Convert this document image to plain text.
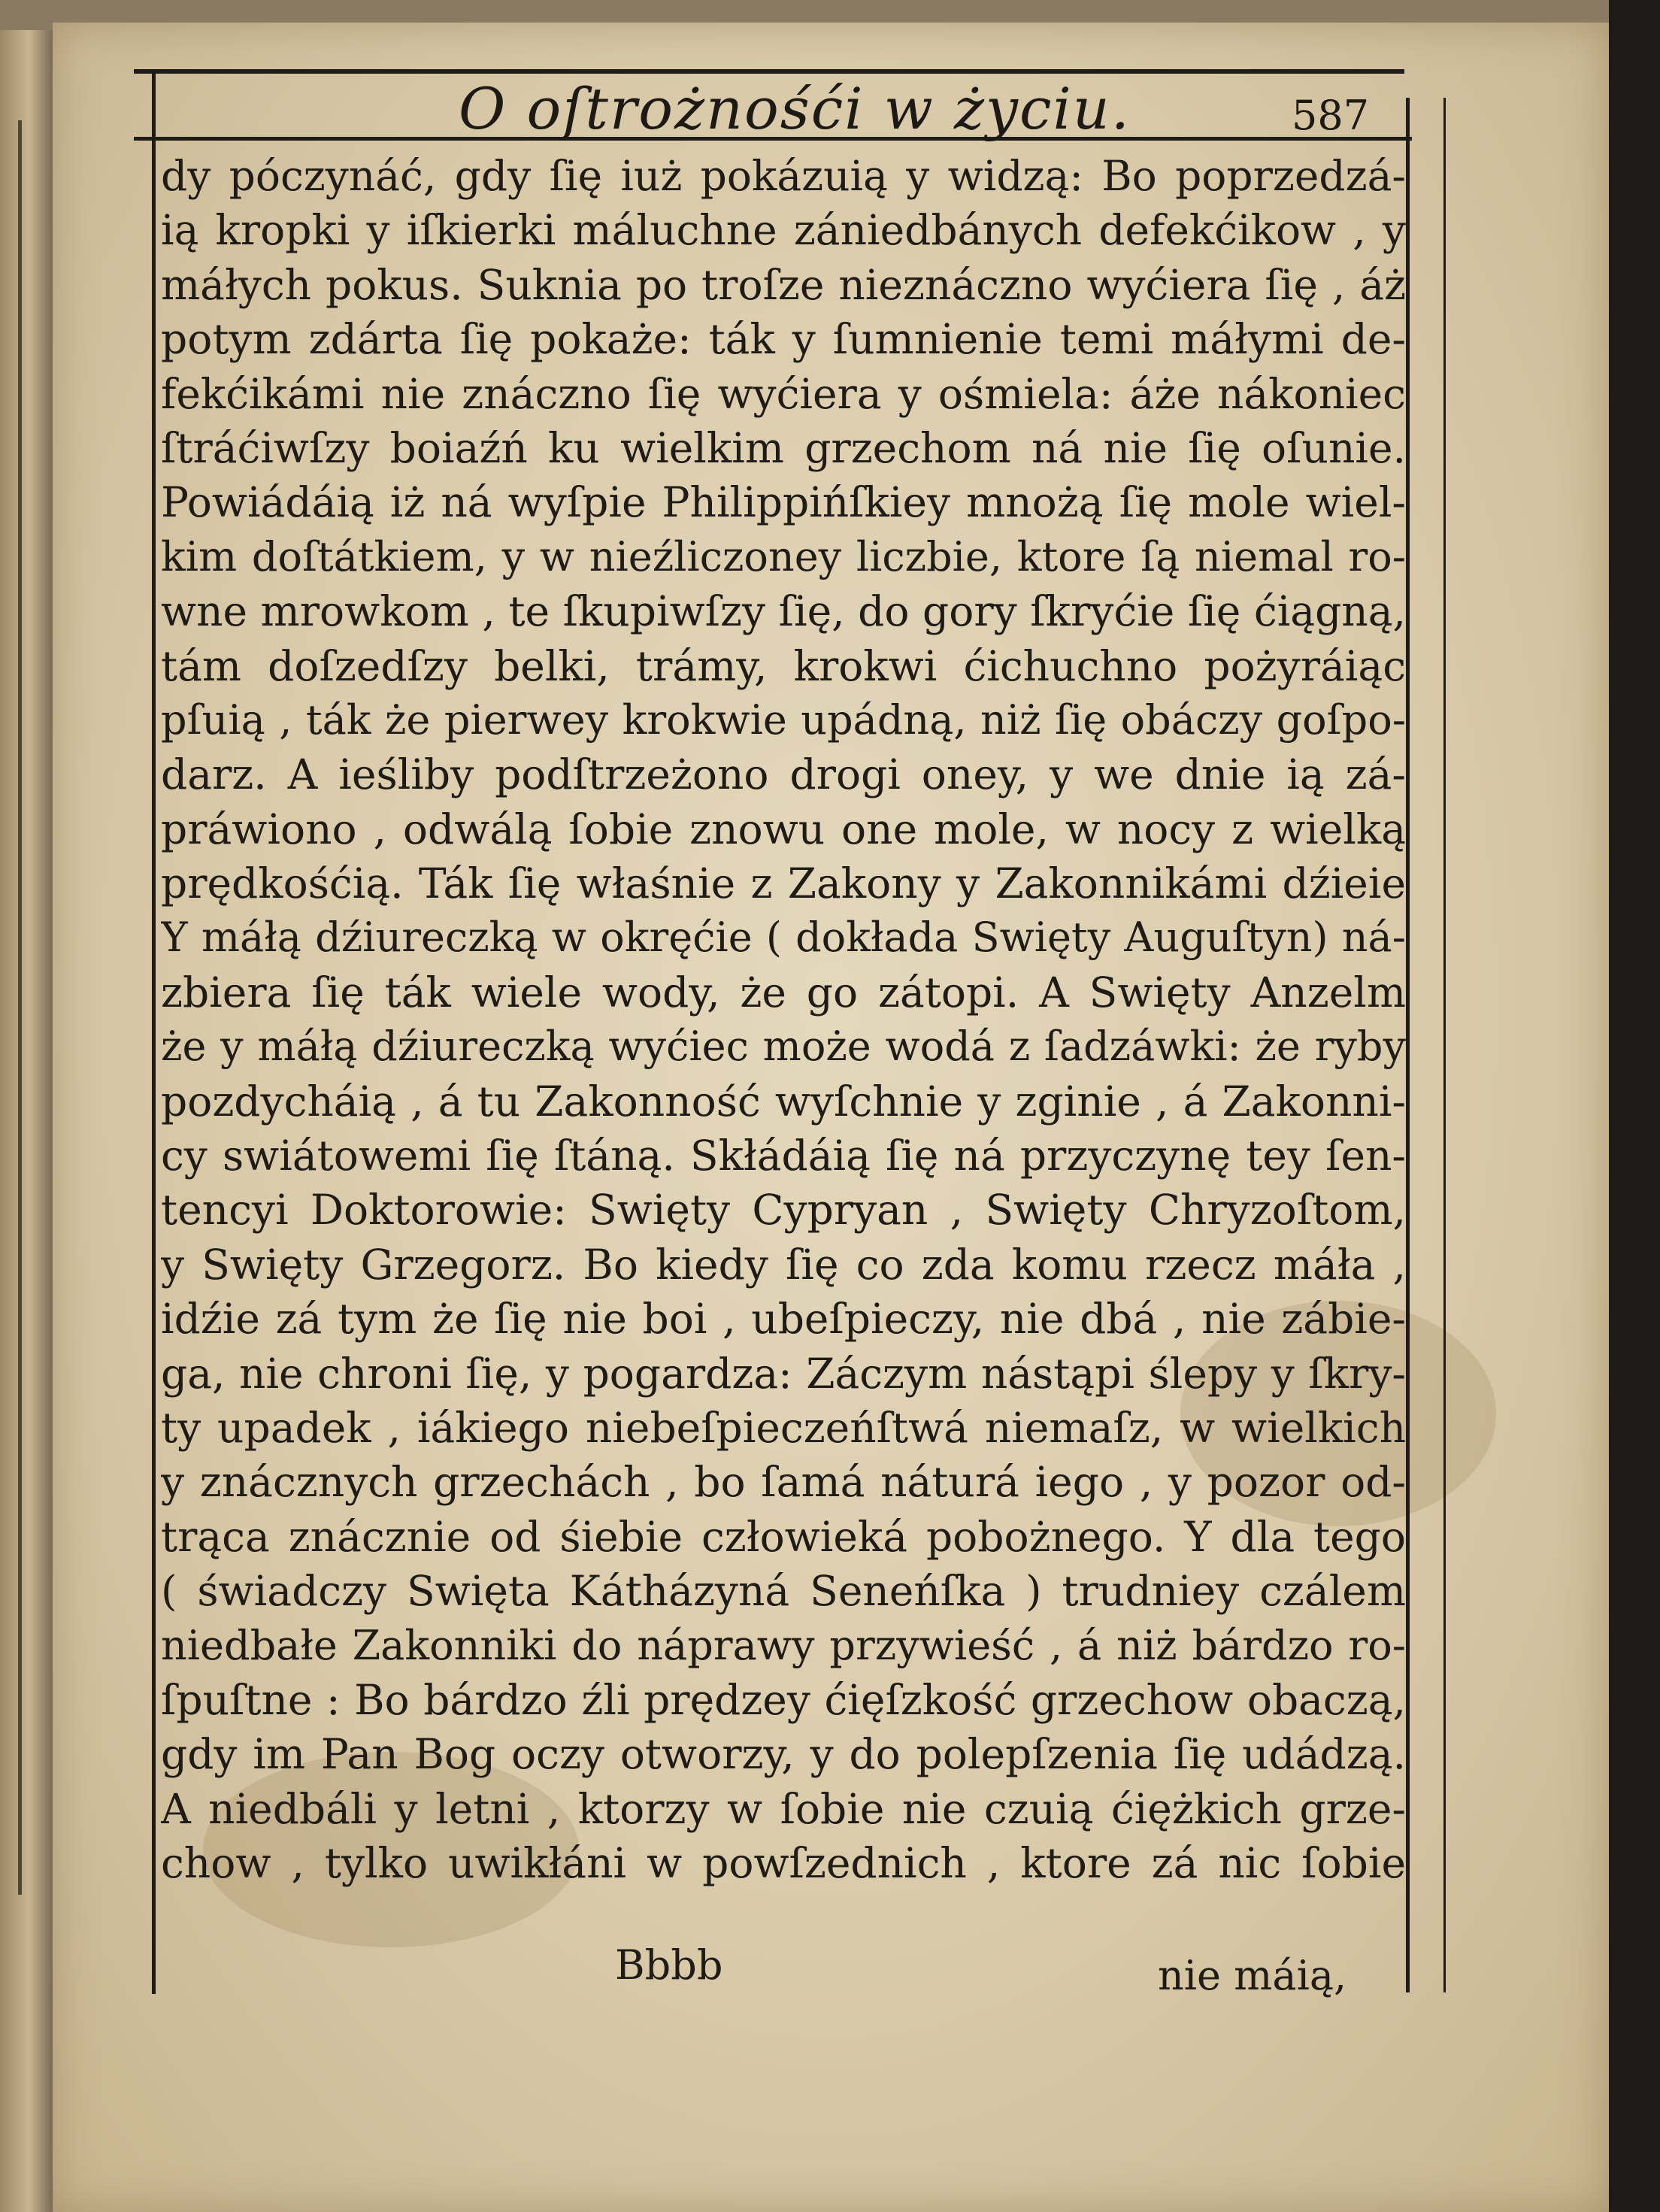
O oſtrożnośći w życiu.	587
dy póczynáć, gdy ſię iuż pokázuią y widzą: Bo poprzedzá-
ią kropki y iſkierki máluchne zániedbánych defekćikow , y
máłych pokus. Suknia po troſze nieznáczno wyćiera ſię , áż
potym zdárta ſię pokaże: ták y ſumnienie temi máłymi de-
fekćikámi nie znáczno ſię wyćiera y ośmiela: áże nákoniec
ſtráćiwſzy boiaźń ku wielkim grzechom ná nie ſię oſunie.
Powiádáią iż ná wyſpie Philippińſkiey mnożą ſię mole wiel-
kim doſtátkiem, y w nieźliczoney liczbie, ktore ſą niemal ro-
wne mrowkom , te ſkupiwſzy ſię, do gory ſkryćie ſię ćiągną,
tám doſzedſzy belki, trámy, krokwi ćichuchno pożyráiąc
pſuią , ták że pierwey krokwie upádną, niż ſię obáczy goſpo-
darz. A ieśliby podſtrzeżono drogi oney, y we dnie ią zá-
práwiono , odwálą ſobie znowu one mole, w nocy z wielką
prędkośćią. Ták ſię właśnie z Zakony y Zakonnikámi dźieie
Y máłą dźiureczką w okręćie ( dokłada Swięty Auguſtyn) ná-
zbiera ſię ták wiele wody, że go zátopi. A Swięty Anzelm
że y máłą dźiureczką wyćiec może wodá z ſadzáwki: że ryby
pozdycháią , á tu Zakonność wyſchnie y zginie , á Zakonni-
cy swiátowemi ſię ſtáną. Skłádáią ſię ná przyczynę tey ſen-
tencyi Doktorowie: Swięty Cypryan , Swięty Chryzoſtom,
y Swięty Grzegorz. Bo kiedy ſię co zda komu rzecz máła ,
idźie zá tym że ſię nie boi , ubeſpieczy, nie dbá , nie zábie-
ga, nie chroni ſię, y pogardza: Záczym nástąpi ślepy y ſkry-
ty upadek , iákiego niebeſpieczeńſtwá niemaſz, w wielkich
y znácznych grzechách , bo ſamá náturá iego , y pozor od-
trąca znácznie od śiebie człowieká pobożnego. Y dla tego
( świadczy Swięta Kátházyná Seneńſka ) trudniey czálem
niedbałe Zakonniki do náprawy przywieść , á niż bárdzo ro-
ſpuſtne : Bo bárdzo źli prędzey ćięſzkość grzechow obaczą,
gdy im Pan Bog oczy otworzy, y do polepſzenia ſię udádzą.
A niedbáli y letni , ktorzy w ſobie nie czuią ćiężkich grze-
chow , tylko uwikłáni w powſzednich , ktore zá nic ſobie
Bbbb	nie máią,
